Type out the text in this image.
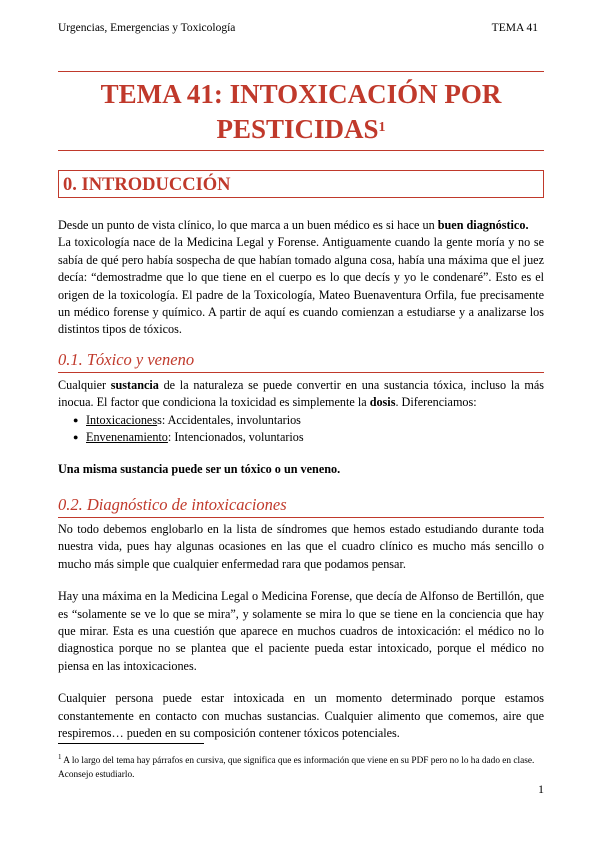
Urgencias, Emergencias y Toxicología	TEMA 41
TEMA 41: INTOXICACIÓN POR
PESTICIDAS$^1$
0. INTRODUCCIÓN
Desde un punto de vista clínico, lo que marca a un buen médico es si hace un buen diagnóstico.
La toxicología nace de la Medicina Legal y Forense. Antiguamente cuando la gente moría y no se sabía de qué pero había sospecha de que habían tomado alguna cosa, había una máxima que el juez decía: “demostradme que lo que tiene en el cuerpo es lo que decís y yo le condenaré”. Esto es el origen de la toxicología. El padre de la Toxicología, Mateo Buenaventura Orfila, fue precisamente un médico forense y químico. A partir de aquí es cuando comienzan a estudiarse y a analizarse los distintos tipos de tóxicos.
0.1. Tóxico y veneno
Cualquier sustancia de la naturaleza se puede convertir en una sustancia tóxica, incluso la más inocua. El factor que condiciona la toxicidad es simplemente la dosis. Diferenciamos:
● Intoxicacioness: Accidentales, involuntarios
● Envenenamiento: Intencionados, voluntarios
Una misma sustancia puede ser un tóxico o un veneno.
0.2. Diagnóstico de intoxicaciones
No todo debemos englobarlo en la lista de síndromes que hemos estado estudiando durante toda nuestra vida, pues hay algunas ocasiones en las que el cuadro clínico es mucho más sencillo o mucho más simple que cualquier enfermedad rara que podamos pensar.
Hay una máxima en la Medicina Legal o Medicina Forense, que decía de Alfonso de Bertillón, que es “solamente se ve lo que se mira”, y solamente se mira lo que se tiene en la conciencia que hay que mirar. Esta es una cuestión que aparece en muchos cuadros de intoxicación: el médico no lo diagnostica porque no se plantea que el paciente pueda estar intoxicado, porque el médico no piensa en las intoxicaciones.
Cualquier persona puede estar intoxicada en un momento determinado porque estamos constantemente en contacto con muchas sustancias. Cualquier alimento que comemos, aire que respiremos… pueden en su composición contener tóxicos potenciales.
$^1$ A lo largo del tema hay párrafos en cursiva, que significa que es información que viene en su PDF pero no lo ha dado en clase. Aconsejo estudiarlo.
1
